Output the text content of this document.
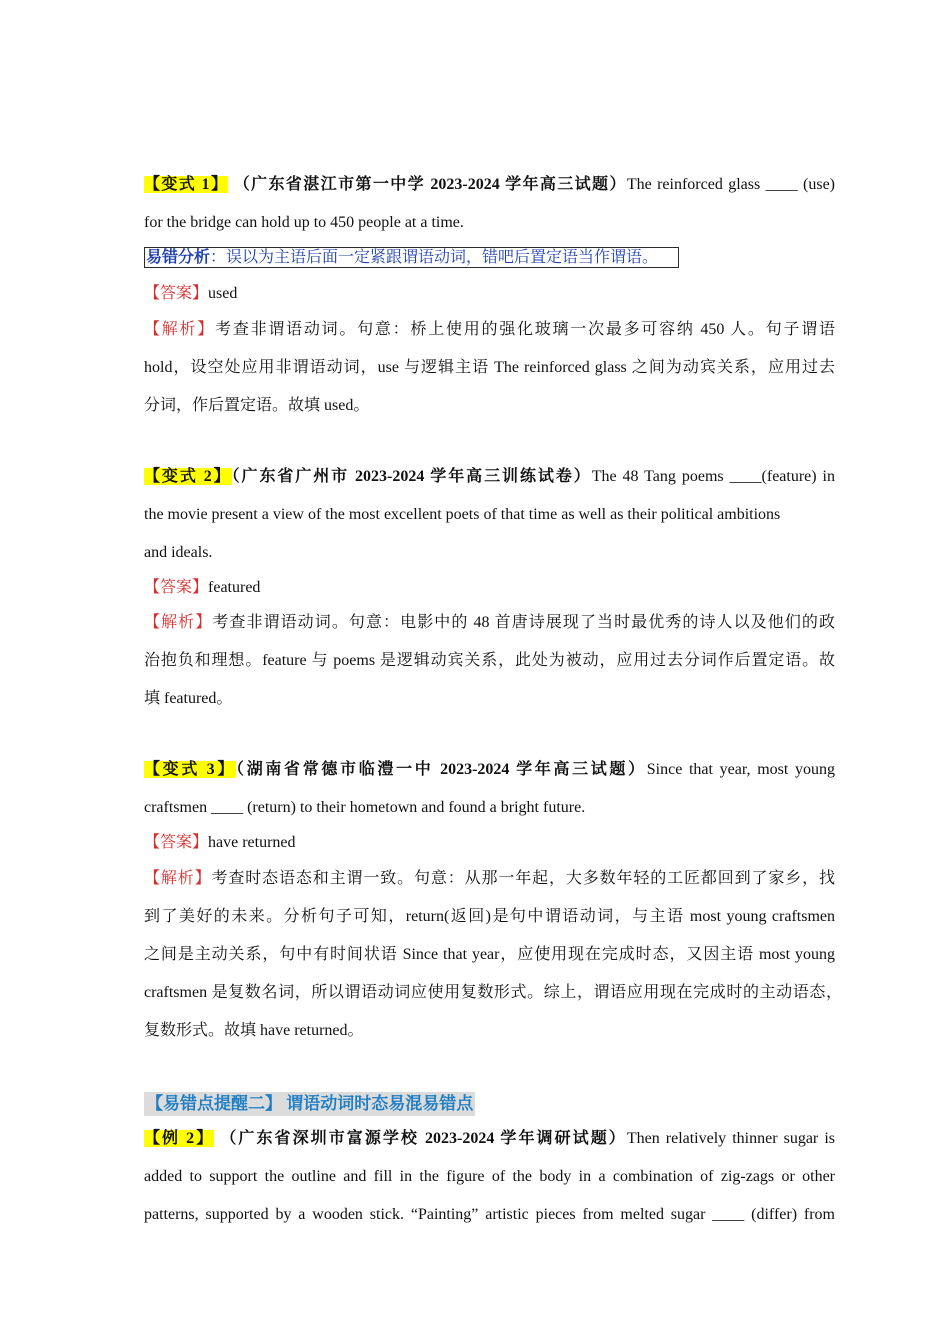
【变式 1】 （广东省湛江市第一中学 2023-2024 学年高三试题）The reinforced glass ____ (use)
for the bridge can hold up to 450 people at a time.
易错分析：误以为主语后面一定紧跟谓语动词，错吧后置定语当作谓语。
【答案】used
【解析】考查非谓语动词。句意：桥上使用的强化玻璃一次最多可容纳 450 人。句子谓语
hold，设空处应用非谓语动词，use 与逻辑主语 The reinforced glass 之间为动宾关系，应用过去
分词，作后置定语。故填 used。
【变式 2】（广东省广州市 2023-2024 学年高三训练试卷）The 48 Tang poems ____(feature) in
the movie present a view of the most excellent poets of that time as well as their political ambitions
and ideals.
【答案】featured
【解析】考查非谓语动词。句意：电影中的 48 首唐诗展现了当时最优秀的诗人以及他们的政
治抱负和理想。feature 与 poems 是逻辑动宾关系，此处为被动，应用过去分词作后置定语。故
填 featured。
【变式 3】（湖南省常德市临澧一中 2023-2024 学年高三试题）Since that year, most young
craftsmen ____ (return) to their hometown and found a bright future.
【答案】have returned
【解析】考查时态语态和主谓一致。句意：从那一年起，大多数年轻的工匠都回到了家乡，找
到了美好的未来。分析句子可知，return(返回)是句中谓语动词，与主语 most young craftsmen
之间是主动关系，句中有时间状语 Since that year，应使用现在完成时态，又因主语 most young
craftsmen 是复数名词，所以谓语动词应使用复数形式。综上，谓语应用现在完成时的主动语态，
复数形式。故填 have returned。
【易错点提醒二】 谓语动词时态易混易错点
【例 2】 （广东省深圳市富源学校 2023-2024 学年调研试题）Then relatively thinner sugar is
added to support the outline and fill in the figure of the body in a combination of zig-zags or other
patterns, supported by a wooden stick. “Painting” artistic pieces from melted sugar ____ (differ) from
